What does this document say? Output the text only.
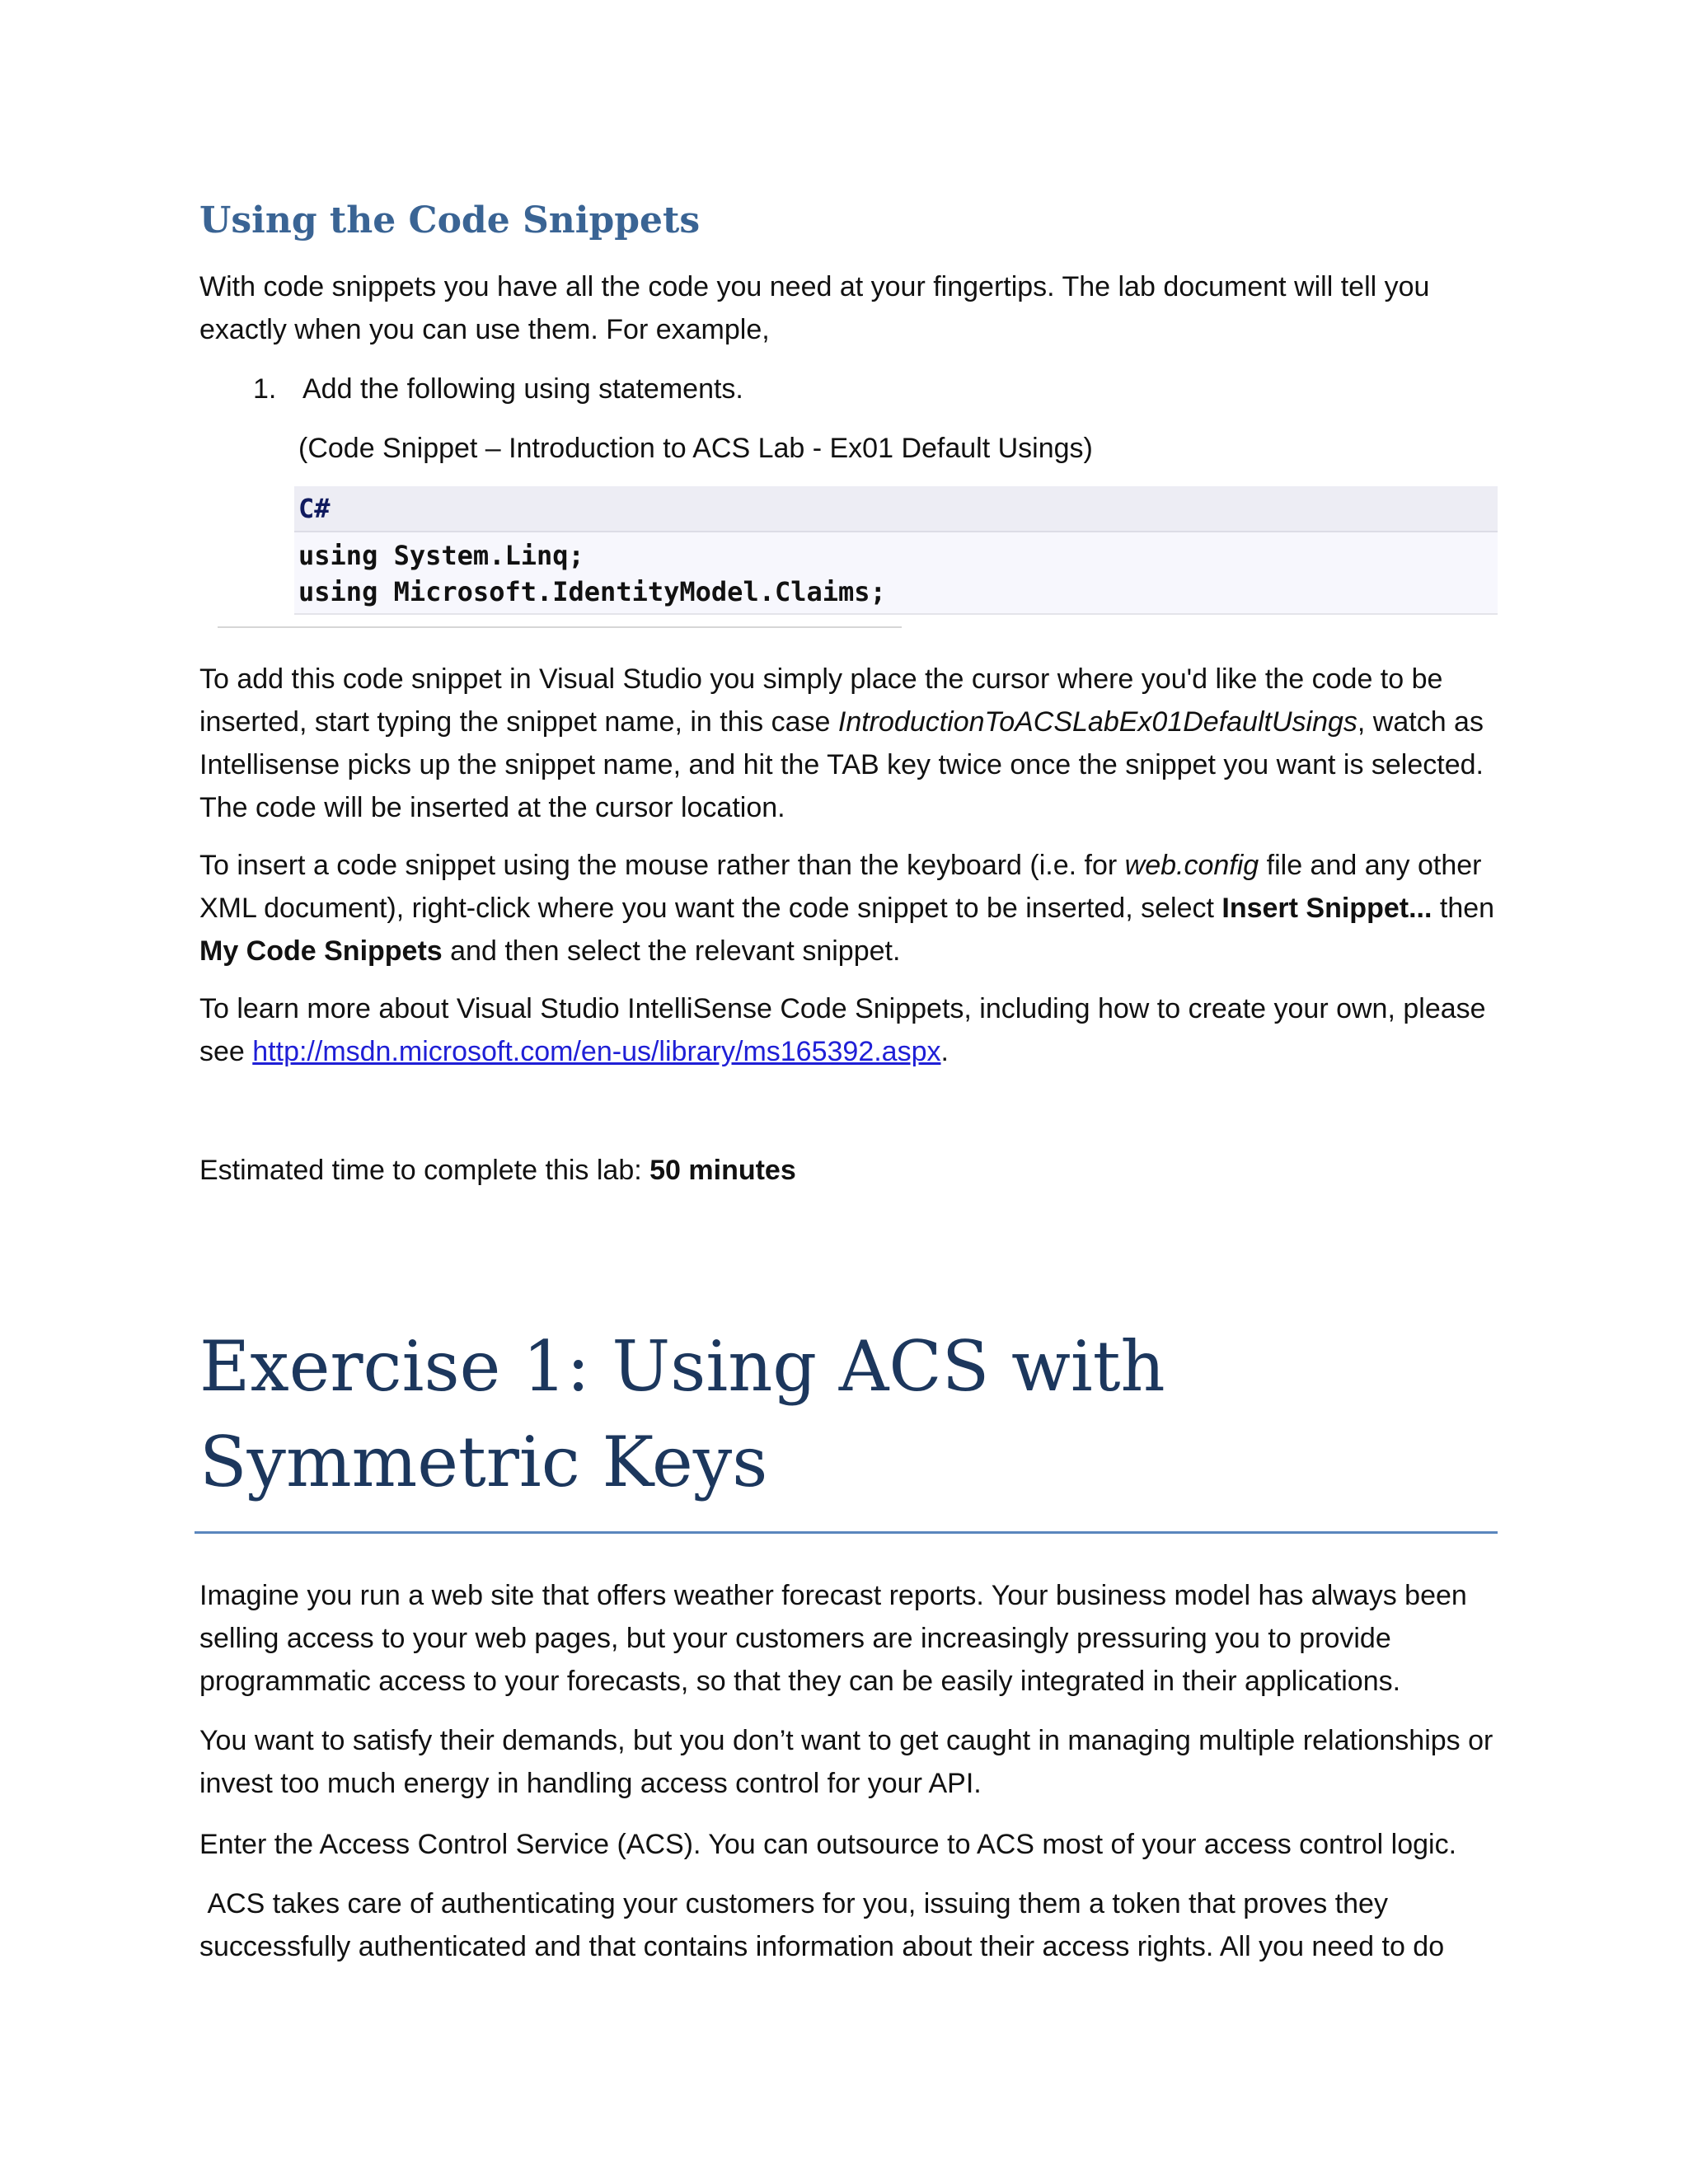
Using the Code Snippets

With code snippets you have all the code you need at your fingertips. The lab document will tell you exactly when you can use them. For example,

1. Add the following using statements.

(Code Snippet – Introduction to ACS Lab - Ex01 Default Usings)

C#
using System.Linq;
using Microsoft.IdentityModel.Claims;

To add this code snippet in Visual Studio you simply place the cursor where you'd like the code to be inserted, start typing the snippet name, in this case IntroductionToACSLabEx01DefaultUsings, watch as Intellisense picks up the snippet name, and hit the TAB key twice once the snippet you want is selected. The code will be inserted at the cursor location.

To insert a code snippet using the mouse rather than the keyboard (i.e. for web.config file and any other XML document), right-click where you want the code snippet to be inserted, select Insert Snippet... then My Code Snippets and then select the relevant snippet.

To learn more about Visual Studio IntelliSense Code Snippets, including how to create your own, please see http://msdn.microsoft.com/en-us/library/ms165392.aspx.

Estimated time to complete this lab: 50 minutes

Exercise 1: Using ACS with Symmetric Keys

Imagine you run a web site that offers weather forecast reports. Your business model has always been selling access to your web pages, but your customers are increasingly pressuring you to provide programmatic access to your forecasts, so that they can be easily integrated in their applications.

You want to satisfy their demands, but you don’t want to get caught in managing multiple relationships or invest too much energy in handling access control for your API.

Enter the Access Control Service (ACS). You can outsource to ACS most of your access control logic.

ACS takes care of authenticating your customers for you, issuing them a token that proves they successfully authenticated and that contains information about their access rights. All you need to do
